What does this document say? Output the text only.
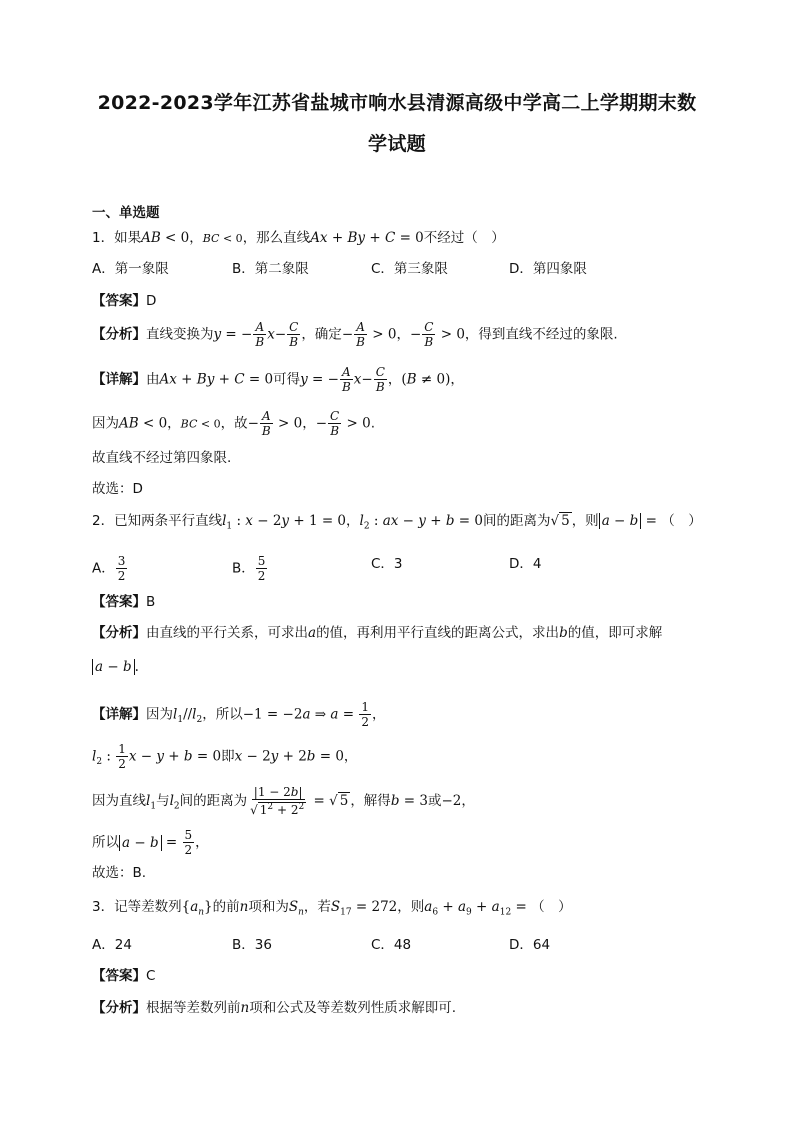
2022-2023学年江苏省盐城市响水县清源高级中学高二上学期期末数
学试题
一、单选题
1．如果AB < 0，BC < 0，那么直线Ax + By + C = 0不经过（　）
A．第一象限	B．第二象限	C．第三象限	D．第四象限
【答案】D
【分析】直线变换为y = − $\frac{A}{B} x- \frac{C}{B}$ ，确定− $\frac{A}{B} > 0$，− $\frac{C}{B} > 0$，得到直线不经过的象限.
【详解】由Ax + By + C = 0可得y = − $\frac{A}{B} x- \frac{C}{B}$ ，(B ≠ 0)，
因为AB < 0，BC < 0，故− $\frac{A}{B} > 0$，− $\frac{C}{B} > 0$.
故直线不经过第四象限.
故选：D
2．已知两条平行直线$l_1$ : x − 2y + 1 = 0，$l_2$ : ax − y + b = 0间的距离为√ 5 ，则 a − b = （　）
A． $\frac{3}{2}$	B． $\frac{5}{2}$	C．3	D．4
【答案】B
【分析】由直线的平行关系，可求出a的值，再利用平行直线的距离公式，求出b的值，即可求解
a − b .
【详解】因为$l_1//l_2$，所以−1 = −2a ⇒ $a = \frac{1}{2}$ ，
$l_2$ : $\frac{1}{2}$ x − y + b = 0即x − 2y + 2b = 0，
因为直线$l_1$与$l_2$间的距离为 $\frac{|1 - 2b|}{√ 1^2 + 2^2}$ = √ 5 ，解得b = 3或−2，
所以 $a - b = \frac{5}{2}$ ，
故选：B.
3．记等差数列$\{a_n\}$的前n项和为$S_n$，若$S_{17} = 272$，则$a_6 + a_9 + a_{12}$ = （　）
A．24	B．36	C．48	D．64
【答案】C
【分析】根据等差数列前n项和公式及等差数列性质求解即可.
